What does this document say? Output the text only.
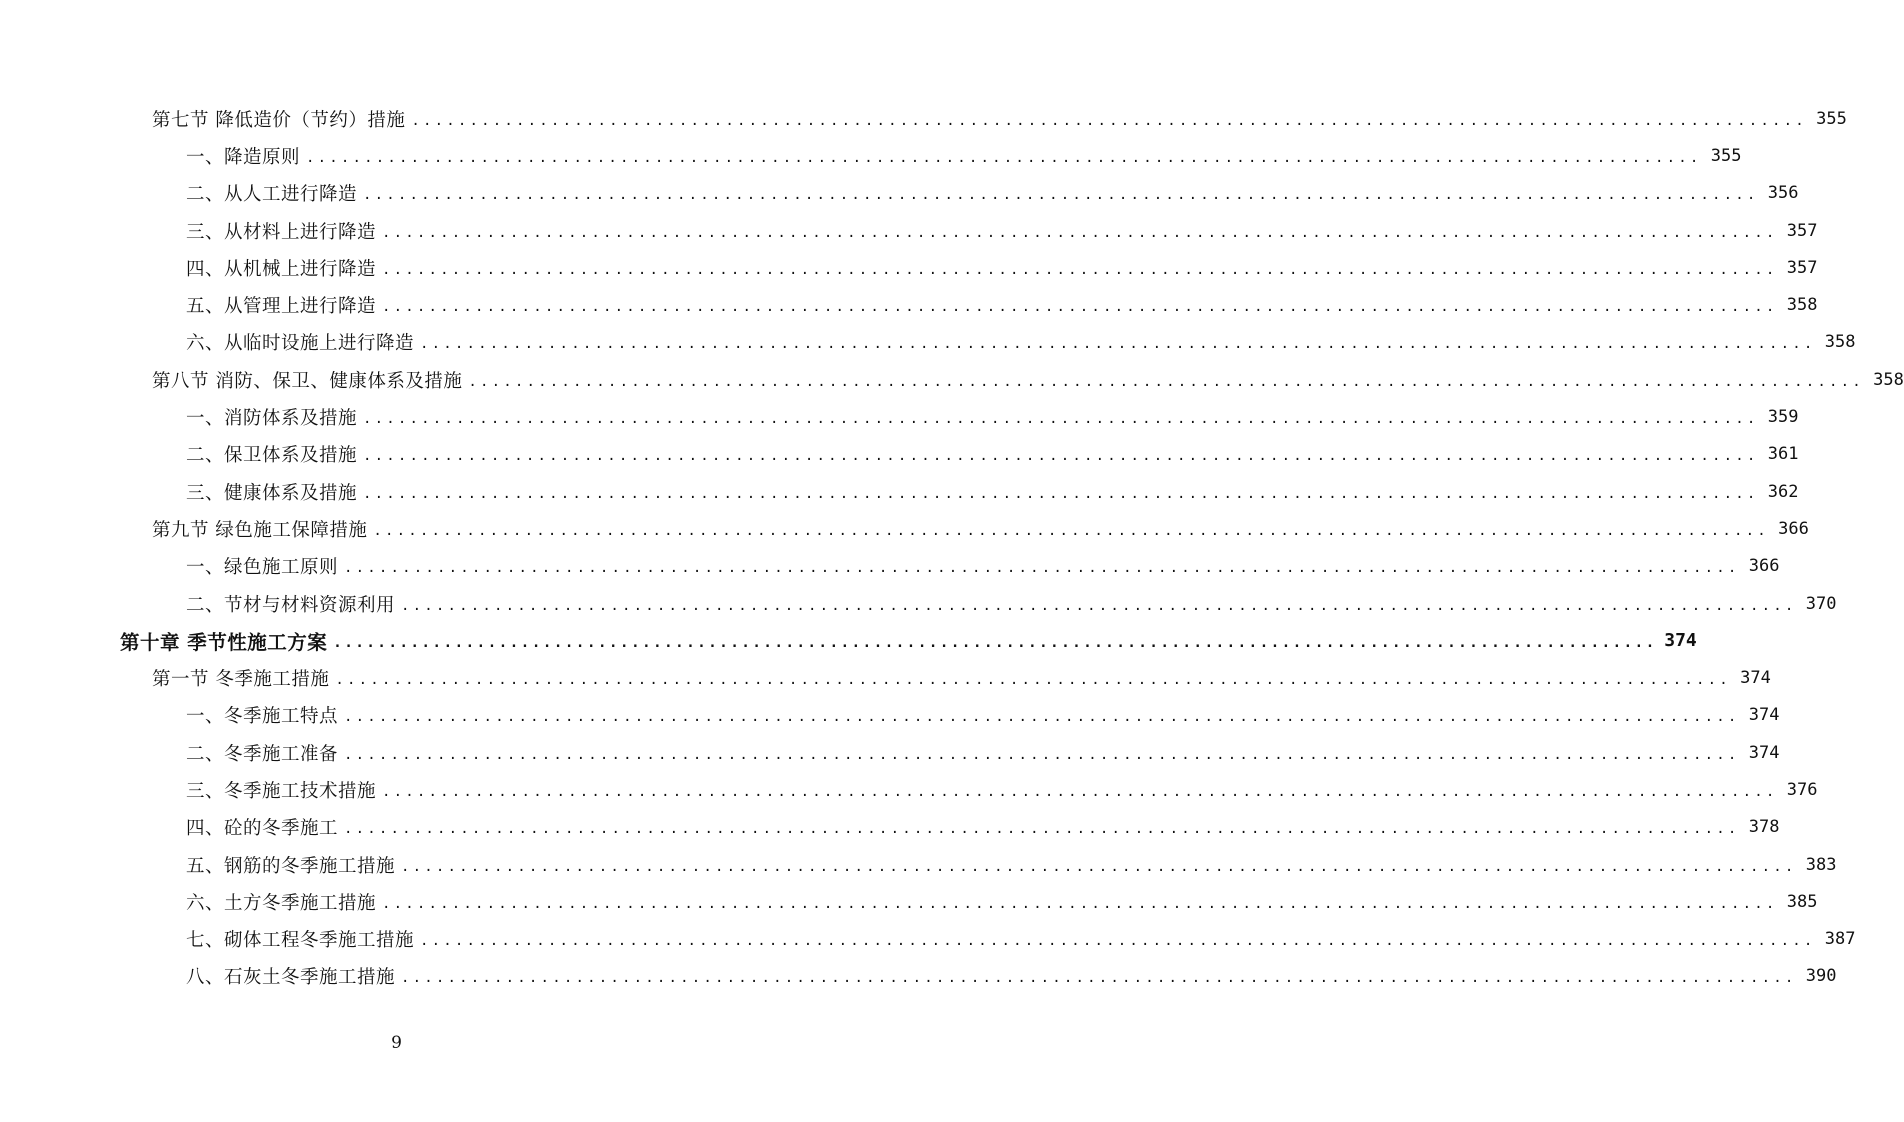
第七节 降低造价（节约）措施 ........................................................................................................................ 355
一、降造原则 ........................................................................................................................ 355
二、从人工进行降造 ........................................................................................................................ 356
三、从材料上进行降造 ........................................................................................................................ 357
四、从机械上进行降造 ........................................................................................................................ 357
五、从管理上进行降造 ........................................................................................................................ 358
六、从临时设施上进行降造 ........................................................................................................................ 358
第八节 消防、保卫、健康体系及措施 ........................................................................................................................ 358
一、消防体系及措施 ........................................................................................................................ 359
二、保卫体系及措施 ........................................................................................................................ 361
三、健康体系及措施 ........................................................................................................................ 362
第九节 绿色施工保障措施 ........................................................................................................................ 366
一、绿色施工原则 ........................................................................................................................ 366
二、节材与材料资源利用 ........................................................................................................................ 370
第十章 季节性施工方案 ........................................................................................................................ 374
第一节 冬季施工措施 ........................................................................................................................ 374
一、冬季施工特点 ........................................................................................................................ 374
二、冬季施工准备 ........................................................................................................................ 374
三、冬季施工技术措施 ........................................................................................................................ 376
四、砼的冬季施工 ........................................................................................................................ 378
五、钢筋的冬季施工措施 ........................................................................................................................ 383
六、土方冬季施工措施 ........................................................................................................................ 385
七、砌体工程冬季施工措施 ........................................................................................................................ 387
八、石灰土冬季施工措施 ........................................................................................................................ 390
9
